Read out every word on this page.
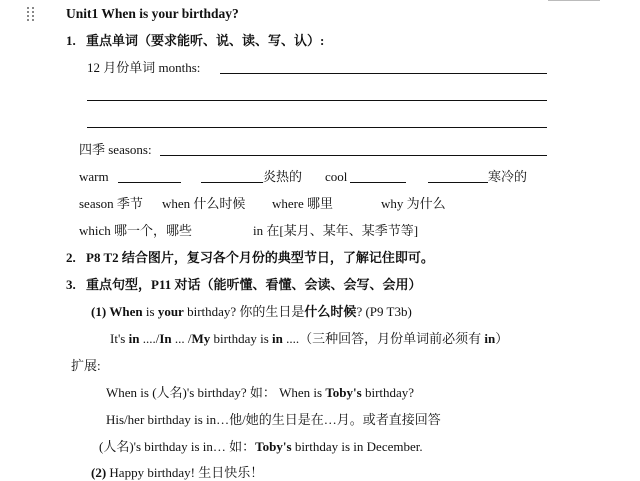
Unit1 When is your birthday?
1. 重点单词（要求能听、说、读、写、认）:
12 月份单词 months:
四季 seasons:
warm	炎热的 cool	寒冷的
season 季节 when 什么时候 where 哪里	why 为什么
which 哪一个，哪些	in 在[某月、某年、某季节等]
2. P8 T2 结合图片，复习各个月份的典型节日，了解记住即可。
3. 重点句型，P11 对话（能听懂、看懂、会读、会写、会用）
(1) When is your birthday? 你的生日是什么时候? (P9 T3b)
It's in ..../In ... /My birthday is in ....（三种回答，月份单词前必须有 in）
扩展:
When is (人名)'s birthday? 如： When is Toby's birthday?
His/her birthday is in…他/她的生日是在…月。或者直接回答
(人名)'s birthday is in… 如：Toby's birthday is in December.
(2) Happy birthday! 生日快乐！
